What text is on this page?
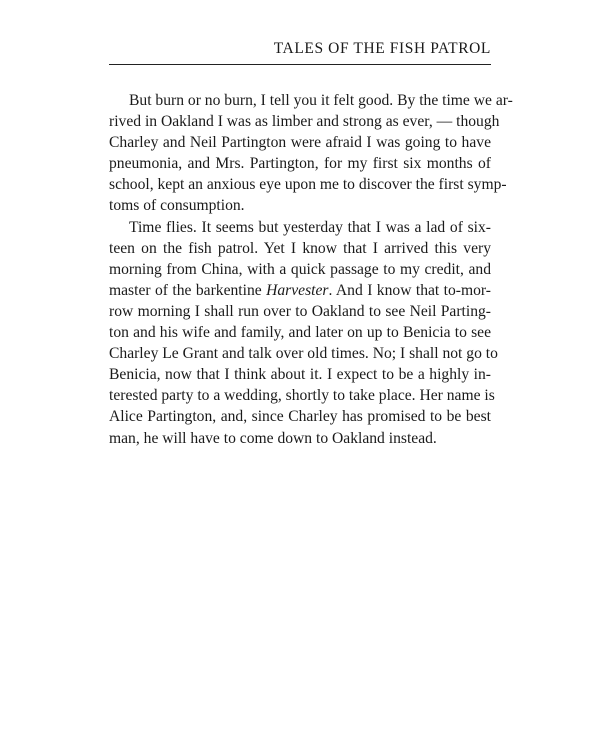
TALES OF THE FISH PATROL
But burn or no burn, I tell you it felt good. By the time we ar-
rived in Oakland I was as limber and strong as ever, — though
Charley and Neil Partington were afraid I was going to have
pneumonia, and Mrs. Partington, for my first six months of
school, kept an anxious eye upon me to discover the first symp-
toms of consumption.
Time flies. It seems but yesterday that I was a lad of six-
teen on the fish patrol. Yet I know that I arrived this very
morning from China, with a quick passage to my credit, and
master of the barkentine Harvester. And I know that to-mor-
row morning I shall run over to Oakland to see Neil Parting-
ton and his wife and family, and later on up to Benicia to see
Charley Le Grant and talk over old times. No; I shall not go to
Benicia, now that I think about it. I expect to be a highly in-
terested party to a wedding, shortly to take place. Her name is
Alice Partington, and, since Charley has promised to be best
man, he will have to come down to Oakland instead.
